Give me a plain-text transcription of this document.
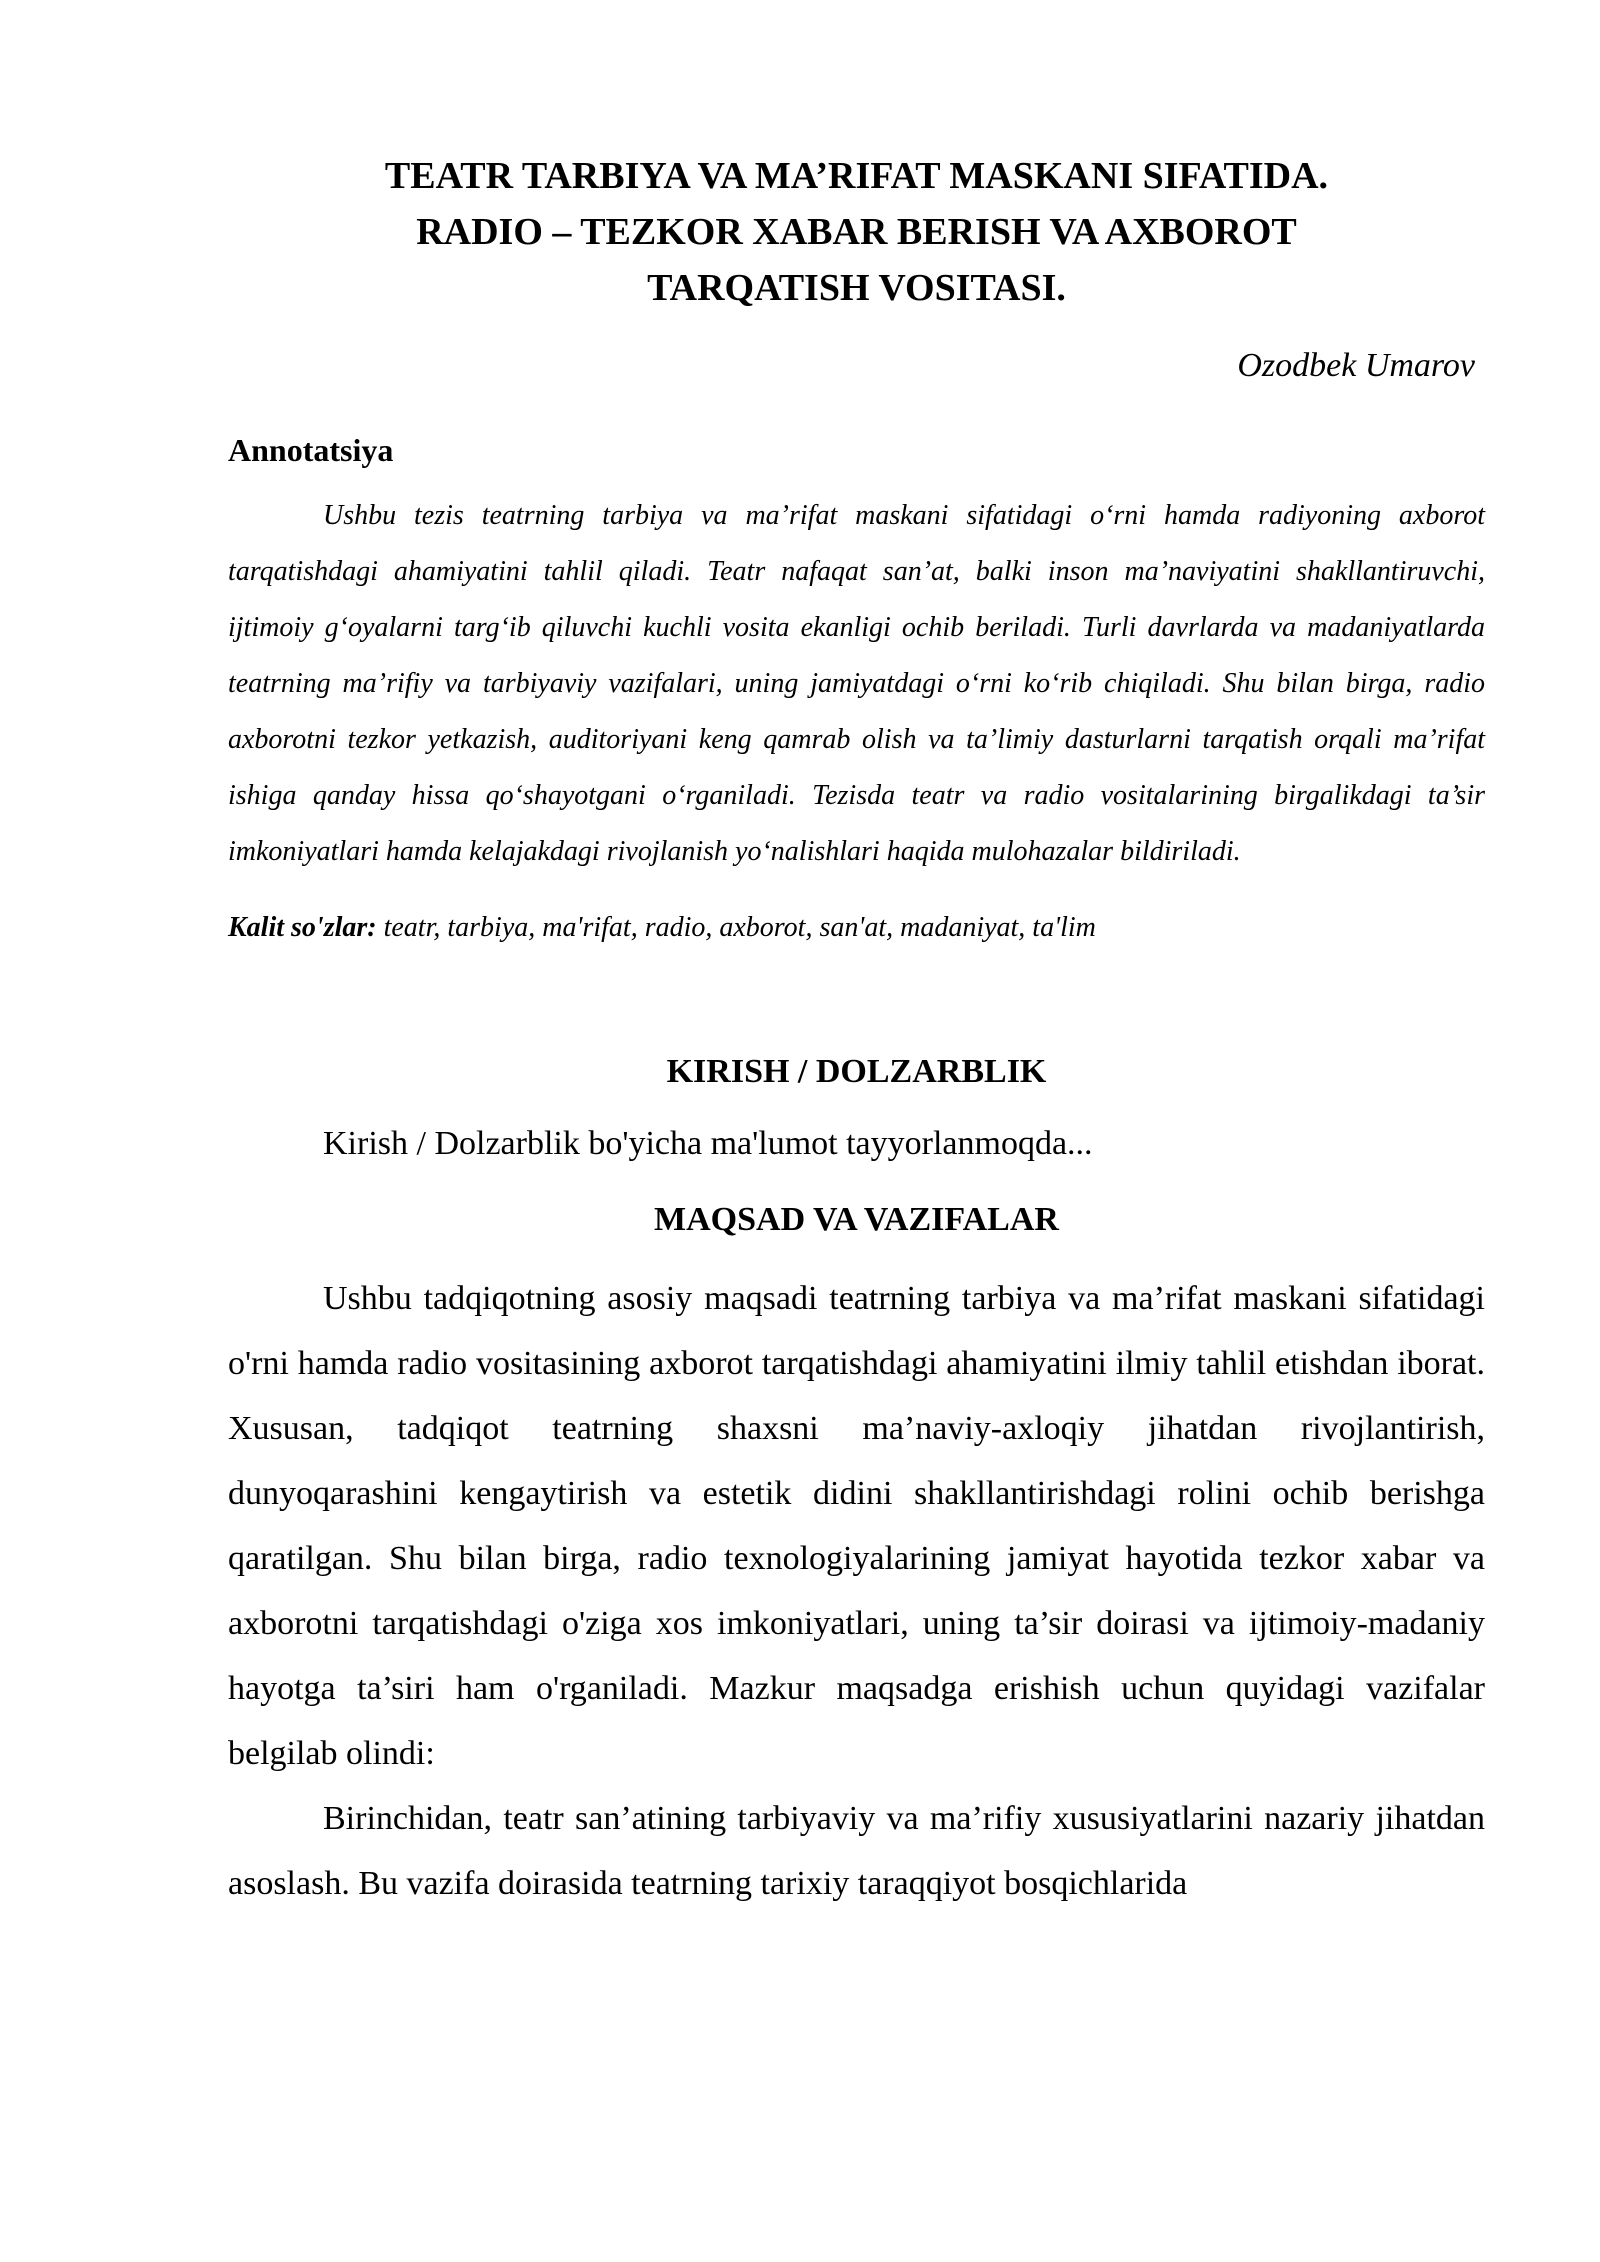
TEATR TARBIYA VA MA’RIFAT MASKANI SIFATIDA.
RADIO – TEZKOR XABAR BERISH VA AXBOROT
TARQATISH VOSITASI.
Ozodbek Umarov
Annotatsiya

Ushbu tezis teatrning tarbiya va ma’rifat maskani sifatidagi o‘rni hamda radiyoning axborot tarqatishdagi ahamiyatini tahlil qiladi. Teatr nafaqat san’at, balki inson ma’naviyatini shakllantiruvchi, ijtimoiy g‘oyalarni targ‘ib qiluvchi kuchli vosita ekanligi ochib beriladi. Turli davrlarda va madaniyatlarda teatrning ma’rifiy va tarbiyaviy vazifalari, uning jamiyatdagi o‘rni ko‘rib chiqiladi. Shu bilan birga, radio axborotni tezkor yetkazish, auditoriyani keng qamrab olish va ta’limiy dasturlarni tarqatish orqali ma’rifat ishiga qanday hissa qo‘shayotgani o‘rganiladi. Tezisda teatr va radio vositalarining birgalikdagi ta’sir imkoniyatlari hamda kelajakdagi rivojlanish yo‘nalishlari haqida mulohazalar bildiriladi.

Kalit so'zlar: teatr, tarbiya, ma'rifat, radio, axborot, san'at, madaniyat, ta'lim
KIRISH / DOLZARBLIK

Kirish / Dolzarblik bo'yicha ma'lumot tayyorlanmoqda...

MAQSAD VA VAZIFALAR

Ushbu tadqiqotning asosiy maqsadi teatrning tarbiya va ma’rifat maskani sifatidagi o'rni hamda radio vositasining axborot tarqatishdagi ahamiyatini ilmiy tahlil etishdan iborat. Xususan, tadqiqot teatrning shaxsni ma’naviy-axloqiy jihatdan rivojlantirish, dunyoqarashini kengaytirish va estetik didini shakllantirishdagi rolini ochib berishga qaratilgan. Shu bilan birga, radio texnologiyalarining jamiyat hayotida tezkor xabar va axborotni tarqatishdagi o'ziga xos imkoniyatlari, uning ta’sir doirasi va ijtimoiy-madaniy hayotga ta’siri ham o'rganiladi. Mazkur maqsadga erishish uchun quyidagi vazifalar belgilab olindi:

Birinchidan, teatr san’atining tarbiyaviy va ma’rifiy xususiyatlarini nazariy jihatdan asoslash. Bu vazifa doirasida teatrning tarixiy taraqqiyot bosqichlarida
